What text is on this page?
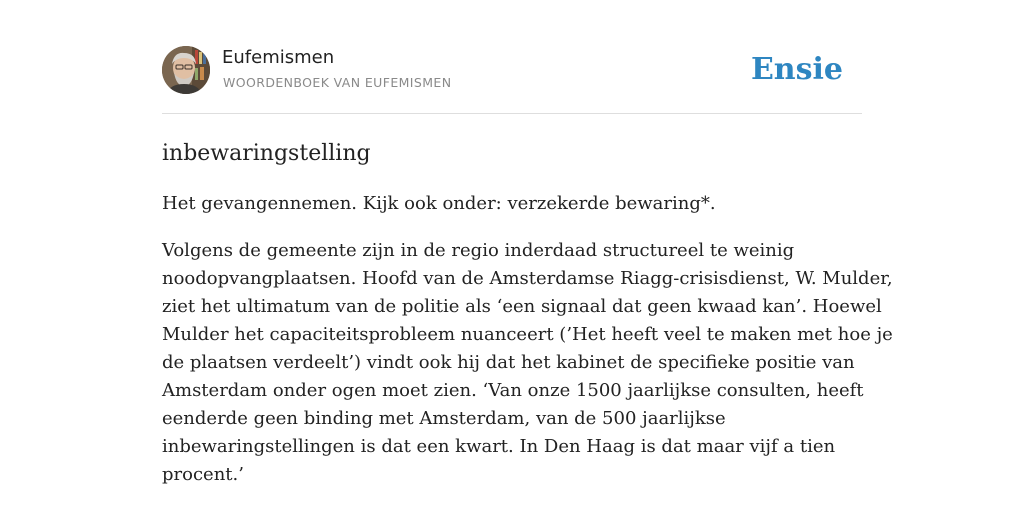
Eufemismen
WOORDENBOEK VAN EUFEMISMEN	Ensie
inbewaringstelling

Het gevangennemen. Kijk ook onder: verzekerde bewaring*.

Volgens de gemeente zijn in de regio inderdaad structureel te weinig
noodopvangplaatsen. Hoofd van de Amsterdamse Riagg-crisisdienst, W. Mulder,
ziet het ultimatum van de politie als ‘een signaal dat geen kwaad kan’. Hoewel
Mulder het capaciteitsprobleem nuanceert (’Het heeft veel te maken met hoe je
de plaatsen verdeelt’) vindt ook hij dat het kabinet de specifieke positie van
Amsterdam onder ogen moet zien. ‘Van onze 1500 jaarlijkse consulten, heeft
eenderde geen binding met Amsterdam, van de 500 jaarlijkse
inbewaringstellingen is dat een kwart. In Den Haag is dat maar vijf a tien
procent.’
